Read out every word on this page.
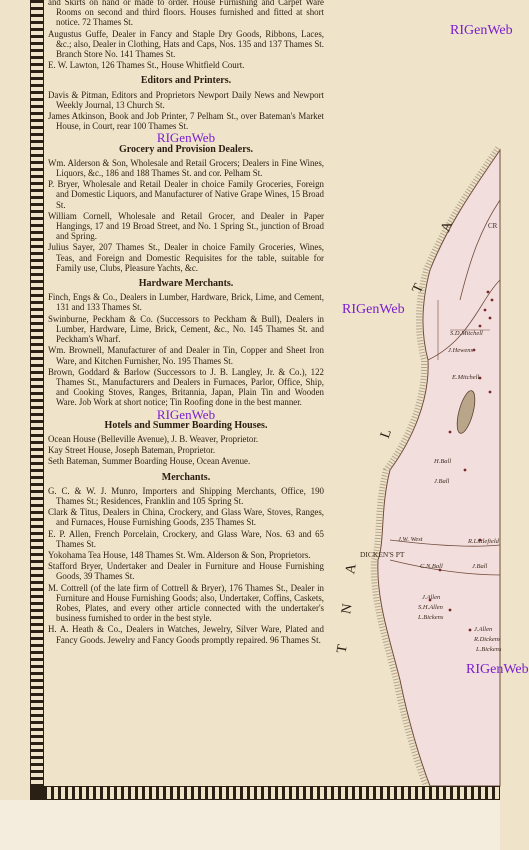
A
T
L
A
N
T
DICKEN'S PT
CR
S.D.Mitchell
J.Hewens
E.Mitchell
H.Ball
J.Ball
J.W. West	R.Littlefield
C.N.Ball	J.Ball
J.Allen
S.H.Allen
L.Bickens
J.Allen
R.Dickens
L.Bickens
RIGenWeb
RIGenWeb
RIGenWeb
and Skirts on hand or made to order. House Furnishing and Carpet Ware Rooms on second and third floors. Houses furnished and fitted at short notice. 72 Thames St.
Augustus Guffe, Dealer in Fancy and Staple Dry Goods, Ribbons, Laces, &c.; also, Dealer in Clothing, Hats and Caps, Nos. 135 and 137 Thames St. Branch Store No. 141 Thames St.
E. W. Lawton, 126 Thames St., House Whitfield Court.
Editors and Printers.
Davis & Pitman, Editors and Proprietors Newport Daily News and Newport Weekly Journal, 13 Church St.
James Atkinson, Book and Job Printer, 7 Pelham St., over Bateman's Market House, in Court, rear 100 Thames St.
RIGenWeb
Grocery and Provision Dealers.
Wm. Alderson & Son, Wholesale and Retail Grocers; Dealers in Fine Wines, Liquors, &c., 186 and 188 Thames St. and cor. Pelham St.
P. Bryer, Wholesale and Retail Dealer in choice Family Groceries, Foreign and Domestic Liquors, and Manufacturer of Native Grape Wines, 15 Broad St.
William Cornell, Wholesale and Retail Grocer, and Dealer in Paper Hangings, 17 and 19 Broad Street, and No. 1 Spring St., junction of Broad and Spring.
Julius Sayer, 207 Thames St., Dealer in choice Family Groceries, Wines, Teas, and Foreign and Domestic Requisites for the table, suitable for Family use, Clubs, Pleasure Yachts, &c.
Hardware Merchants.
Finch, Engs & Co., Dealers in Lumber, Hardware, Brick, Lime, and Cement, 131 and 133 Thames St.
Swinburne, Peckham & Co. (Successors to Peckham & Bull), Dealers in Lumber, Hardware, Lime, Brick, Cement, &c., No. 145 Thames St. and Peckham's Wharf.
Wm. Brownell, Manufacturer of and Dealer in Tin, Copper and Sheet Iron Ware, and Kitchen Furnisher, No. 195 Thames St.
Brown, Goddard & Barlow (Successors to J. B. Langley, Jr. & Co.), 122 Thames St., Manufacturers and Dealers in Furnaces, Parlor, Office, Ship, and Cooking Stoves, Ranges, Britannia, Japan, Plain Tin and Wooden Ware. Job Work at short notice; Tin Roofing done in the best manner.
RIGenWeb
Hotels and Summer Boarding Houses.
Ocean House (Belleville Avenue), J. B. Weaver, Proprietor.
Kay Street House, Joseph Bateman, Proprietor.
Seth Bateman, Summer Boarding House, Ocean Avenue.
Merchants.
G. C. & W. J. Munro, Importers and Shipping Merchants, Office, 190 Thames St.; Residences, Franklin and 105 Spring St.
Clark & Titus, Dealers in China, Crockery, and Glass Ware, Stoves, Ranges, and Furnaces, House Furnishing Goods, 235 Thames St.
E. P. Allen, French Porcelain, Crockery, and Glass Ware, Nos. 63 and 65 Thames St.
Yokohama Tea House, 148 Thames St. Wm. Alderson & Son, Proprietors.
Stafford Bryer, Undertaker and Dealer in Furniture and House Furnishing Goods, 39 Thames St.
M. Cottrell (of the late firm of Cottrell & Bryer), 176 Thames St., Dealer in Furniture and House Furnishing Goods; also, Undertaker, Coffins, Caskets, Robes, Plates, and every other article connected with the undertaker's business furnished to order in the best style.
H. A. Heath & Co., Dealers in Watches, Jewelry, Silver Ware, Plated and Fancy Goods. Jewelry and Fancy Goods promptly repaired. 96 Thames St.
